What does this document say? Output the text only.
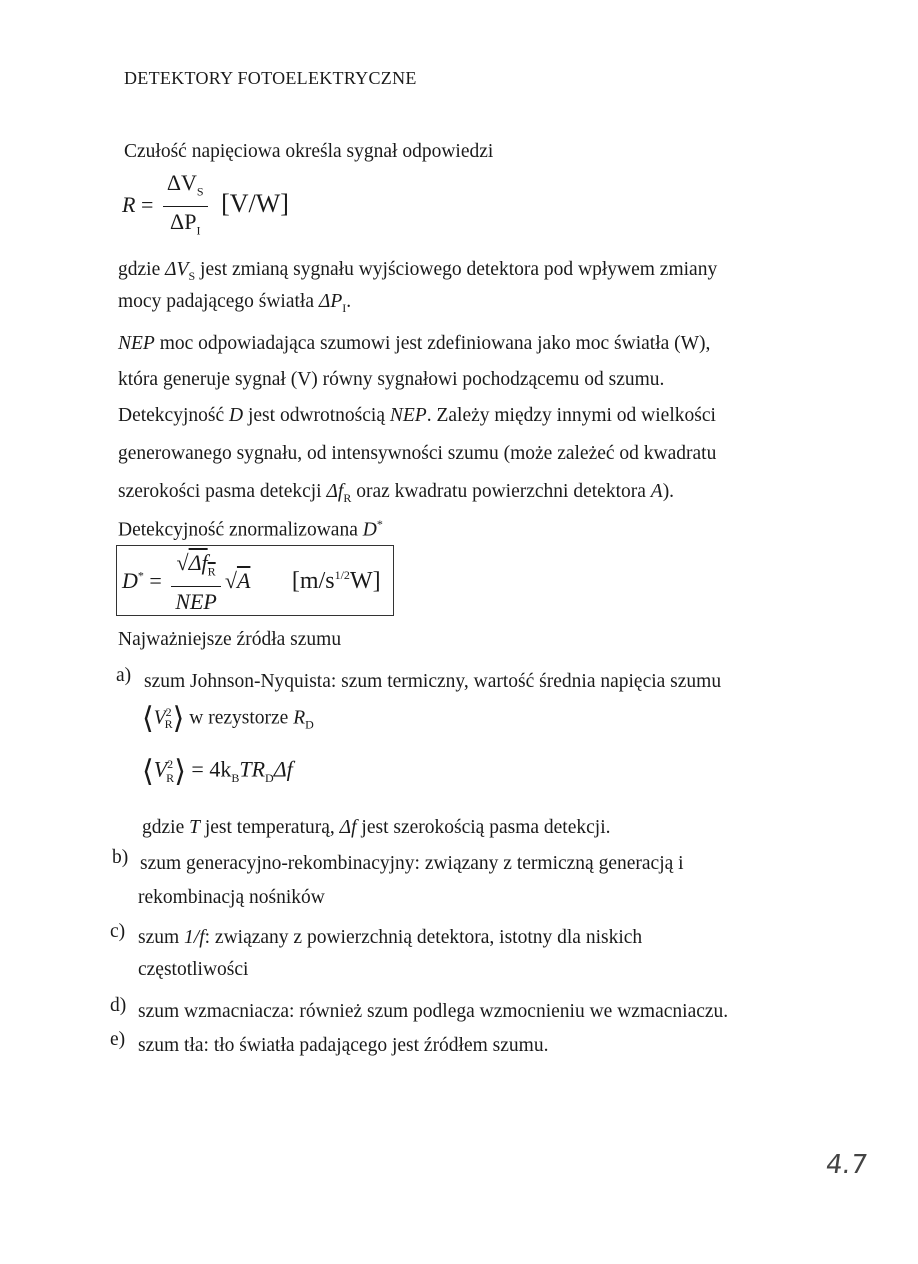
DETEKTORY FOTOELEKTRYCZNE
Czułość napięciowa określa sygnał odpowiedzi
$R = \frac{\Delta V_S}{\Delta P_I} [V/W]$
gdzie $\Delta V_S$ jest zmianą sygnału wyjściowego detektora pod wpływem zmiany
mocy padającego światła $\Delta P_I$.
NEP moc odpowiadająca szumowi jest zdefiniowana jako moc światła (W),
która generuje sygnał (V) równy sygnałowi pochodzącemu od szumu.
Detekcyjność D jest odwrotnością NEP. Zależy między innymi od wielkości
generowanego sygnału, od intensywności szumu (może zależeć od kwadratu
szerokości pasma detekcji $\Delta f_R$ oraz kwadratu powierzchni detektora A).
Detekcyjność znormalizowana D*
$D^* = \frac{√\Delta f_R}{\text{NEP}} √A$ $[m/s^{1/2}W]$
Najważniejsze źródła szumu
a) szum Johnson-Nyquista: szum termiczny, wartość średnia napięcia szumu
$⟨V^2_R⟩$ w rezystorze $R_D$
$⟨V^2_R⟩ = 4k_BTR_D\Delta f$
gdzie T jest temperaturą, Δf jest szerokością pasma detekcji.
b) szum generacyjno-rekombinacyjny: związany z termiczną generacją i
rekombinacją nośników
c) szum 1/f: związany z powierzchnią detektora, istotny dla niskich
częstotliwości
d) szum wzmacniacza: również szum podlega wzmocnieniu we wzmacniaczu.
e) szum tła: tło światła padającego jest źródłem szumu.
4.7
